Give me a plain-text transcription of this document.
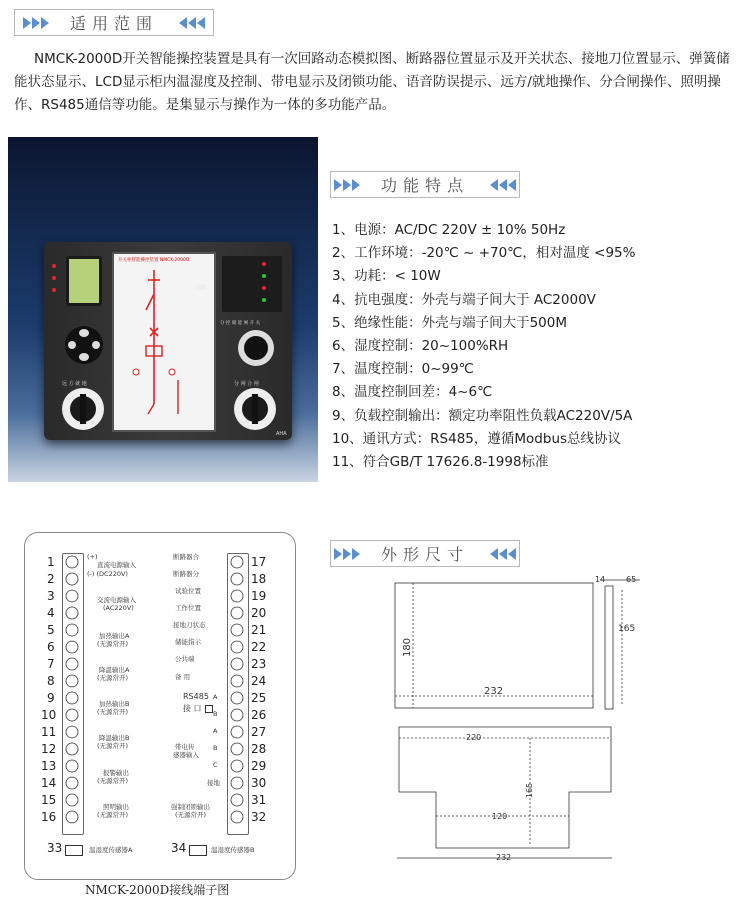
适用范围
NMCK-2000D开关智能操控装置是具有一次回路动态模拟图、断路器位置显示及开关状态、接地刀位置显示、弹簧储能状态显示、LCD显示柜内温湿度及控制、带电显示及闭锁功能、语音防误提示、远方/就地操作、分合闸操作、照明操作、RS485通信等功能。是集显示与操作为一体的多功能产品。
远 方 就 地
开关柜智能操控装置 NMCK-2000D
闭锁
分 控 储 能 闸 开 关
分 闸 合 闸
AHA
功能特点
1、电源：AC/DC 220V ± 10% 50Hz
2、工作环境：-20℃ ~ +70℃，相对温度 <95%
3、功耗：< 10W
4、抗电强度：外壳与端子间大于 AC2000V
5、绝缘性能：外壳与端子间大于500M
6、湿度控制：20~100%RH
7、温度控制：0~99℃
8、温度控制回差：4~6℃
9、负载控制输出：额定功率阻性负载AC220V/5A
10、通讯方式：RS485，遵循Modbus总线协议
11、符合GB/T 17626.8-1998标准
1
2
3
4
5
6
7
8
9
10
11
12
13
14
15
16
17
18
19
20
21
22
23
24
25
26
27
28
29
30
31
32
(+)
直流电源输入
(-) (DC220V)
交流电源输入
(AC220V)
加热输出A
(无源常开)
降温输出A
(无源常开)
加热输出B
(无源常开)
降温输出B
(无源常开)
报警输出
(无源常开)
照明输出
(无源常开)
断路器合
断路器分
试验位置
工作位置
接地刀状态
储能指示
公共端
备 用
RS485
接 口
带电传
感器输入
接地
强制闭锁输出
(无源常开)
A
B
A
B
C
33	温湿度传感器A	34	温湿度传感器B
NMCK-2000D接线端子图
外形尺寸
232
180
14	65
165
220
120
165
232
